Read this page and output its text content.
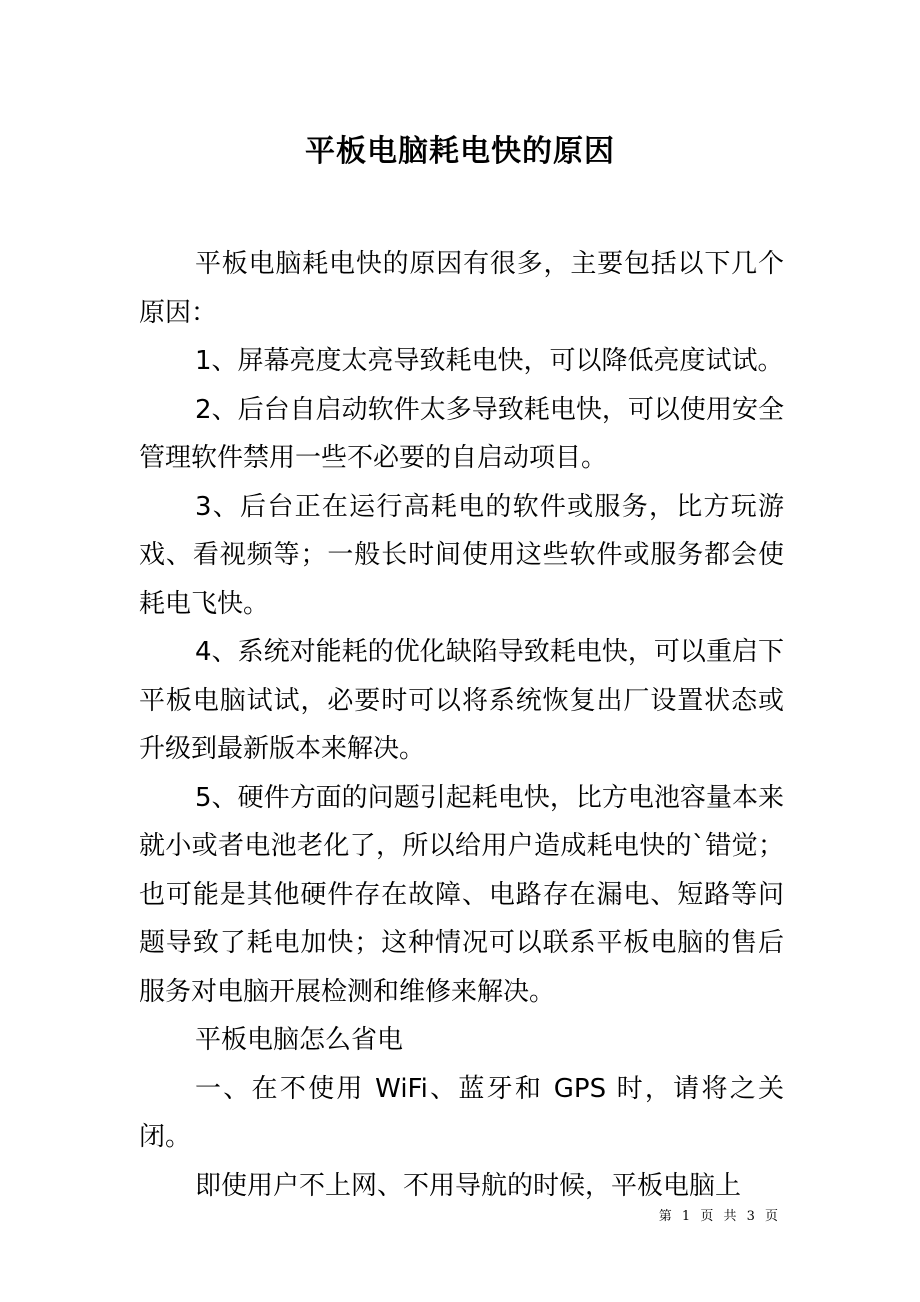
平板电脑耗电快的原因

平板电脑耗电快的原因有很多，主要包括以下几个原因：

1、屏幕亮度太亮导致耗电快，可以降低亮度试试。

2、后台自启动软件太多导致耗电快，可以使用安全管理软件禁用一些不必要的自启动项目。

3、后台正在运行高耗电的软件或服务，比方玩游戏、看视频等；一般长时间使用这些软件或服务都会使耗电飞快。

4、系统对能耗的优化缺陷导致耗电快，可以重启下平板电脑试试，必要时可以将系统恢复出厂设置状态或升级到最新版本来解决。

5、硬件方面的问题引起耗电快，比方电池容量本来就小或者电池老化了，所以给用户造成耗电快的`错觉；也可能是其他硬件存在故障、电路存在漏电、短路等问题导致了耗电加快；这种情况可以联系平板电脑的售后服务对电脑开展检测和维修来解决。

平板电脑怎么省电

一、在不使用 WiFi、蓝牙和 GPS 时，请将之关闭。

即使用户不上网、不用导航的时候，平板电脑上

第 1 页 共 3 页
